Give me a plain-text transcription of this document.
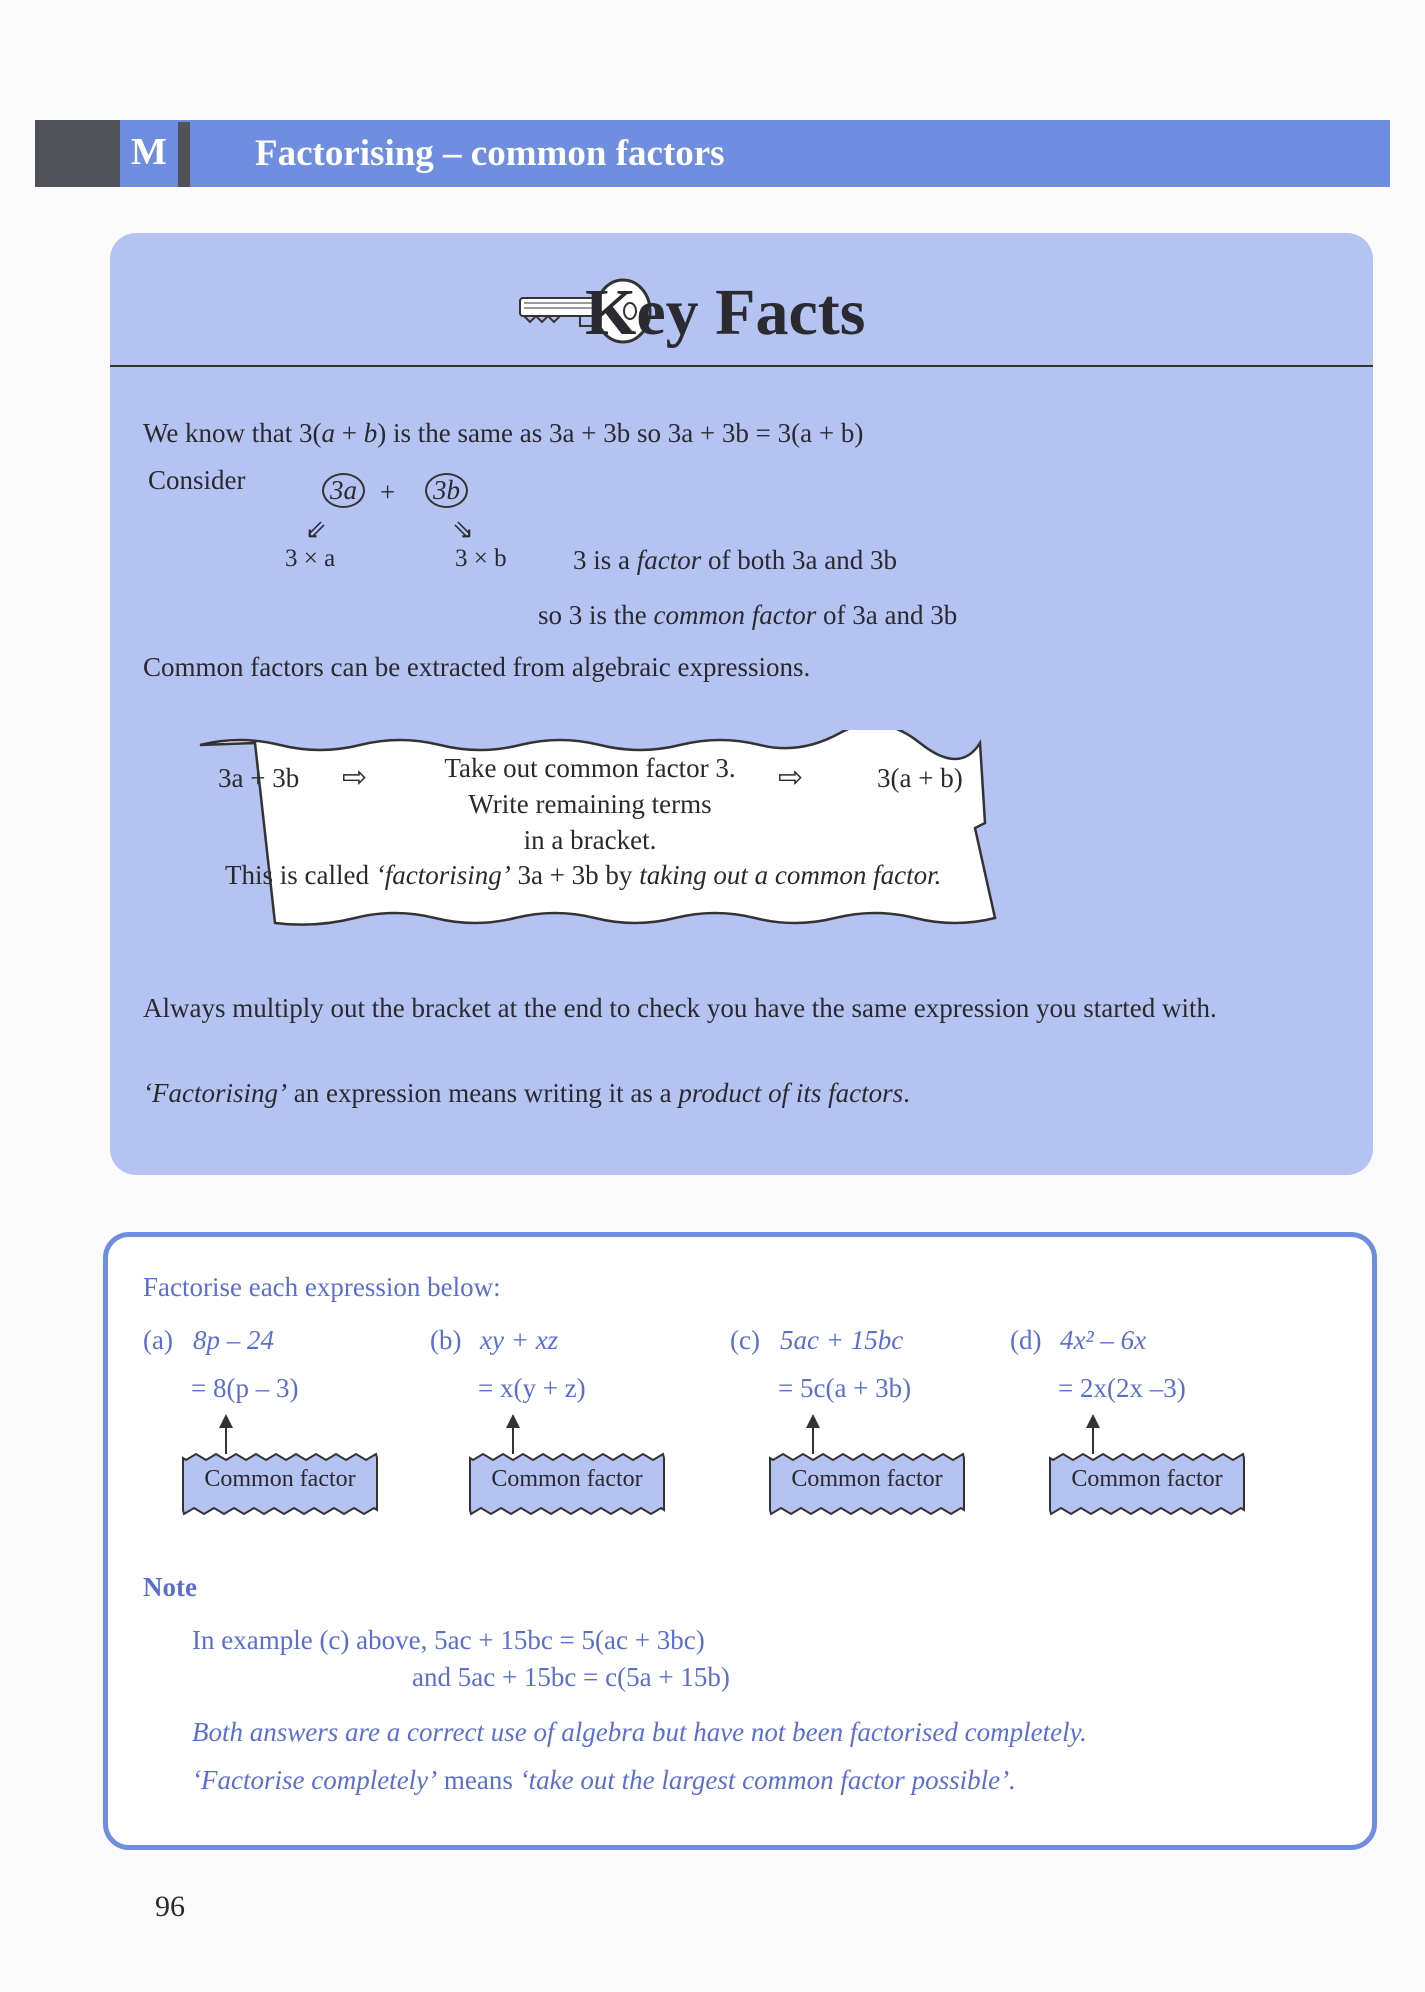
M Factorising – common factors
Key Facts
We know that 3(a + b) is the same as 3a + 3b so 3a + 3b = 3(a + b)
Consider	3a + 3b
⇙	⇘
3 × a	3 × b 3 is a factor of both 3a and 3b
so 3 is the common factor of 3a and 3b
Common factors can be extracted from algebraic expressions.
3a + 3b ⇨	Take out common factor 3.
Write remaining terms
in a bracket.
⇨	3(a + b)
This is called ‘factorising’ 3a + 3b by taking out a common factor.
Always multiply out the bracket at the end to check you have the same expression you started with.
‘Factorising’ an expression means writing it as a product of its factors.
Factorise each expression below:
(a) 8p – 24
= 8(p – 3)
Common factor
(b) xy + xz
= x(y + z)
Common factor
(c) 5ac + 15bc
= 5c(a + 3b)
Common factor
(d) 4x² – 6x
= 2x(2x –3)
Common factor
Note
In example (c) above, 5ac + 15bc = 5(ac + 3bc)
and 5ac + 15bc = c(5a + 15b)
Both answers are a correct use of algebra but have not been factorised completely.
‘Factorise completely’ means ‘take out the largest common factor possible’.
96
